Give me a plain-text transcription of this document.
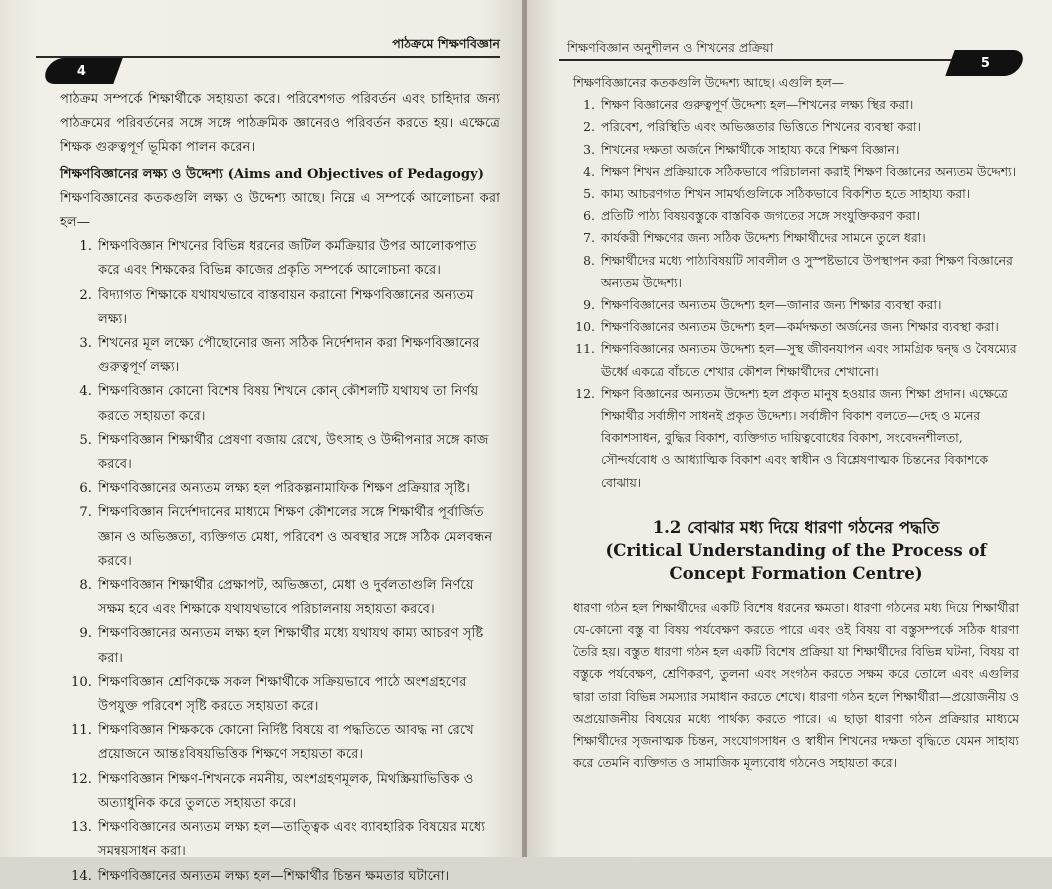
পাঠক্রমে শিক্ষণবিজ্ঞান
4

পাঠক্রম সম্পর্কে শিক্ষার্থীকে সহায়তা করে। পরিবেশগত পরিবর্তন এবং চাহিদার জন্য পাঠক্রমের পরিবর্তনের সঙ্গে সঙ্গে পাঠক্রমিক জ্ঞানেরও পরিবর্তন করতে হয়। এক্ষেত্রে শিক্ষক গুরুত্বপূর্ণ ভূমিকা পালন করেন।

শিক্ষণবিজ্ঞানের লক্ষ্য ও উদ্দেশ্য (Aims and Objectives of Pedagogy)

শিক্ষণবিজ্ঞানের কতকগুলি লক্ষ্য ও উদ্দেশ্য আছে। নিম্নে এ সম্পর্কে আলোচনা করা হল—

1. শিক্ষণবিজ্ঞান শিখনের বিভিন্ন ধরনের জটিল কর্মক্রিয়ার উপর আলোকপাত করে এবং শিক্ষকের বিভিন্ন কাজের প্রকৃতি সম্পর্কে আলোচনা করে।
2. বিদ্যাগত শিক্ষাকে যথাযথভাবে বাস্তবায়ন করানো শিক্ষণবিজ্ঞানের অন্যতম লক্ষ্য।
3. শিখনের মূল লক্ষ্যে পৌছোনোর জন্য সঠিক নির্দেশদান করা শিক্ষণবিজ্ঞানের গুরুত্বপূর্ণ লক্ষ্য।
4. শিক্ষণবিজ্ঞান কোনো বিশেষ বিষয় শিখনে কোন্ কৌশলটি যথাযথ তা নির্ণয় করতে সহায়তা করে।
5. শিক্ষণবিজ্ঞান শিক্ষার্থীর প্রেষণা বজায় রেখে, উৎসাহ ও উদ্দীপনার সঙ্গে কাজ করবে।
6. শিক্ষণবিজ্ঞানের অন্যতম লক্ষ্য হল পরিকল্পনামাফিক শিক্ষণ প্রক্রিয়ার সৃষ্টি।
7. শিক্ষণবিজ্ঞান নির্দেশদানের মাধ্যমে শিক্ষণ কৌশলের সঙ্গে শিক্ষার্থীর পূর্বার্জিত জ্ঞান ও অভিজ্ঞতা, ব্যক্তিগত মেধা, পরিবেশ ও অবস্থার সঙ্গে সঠিক মেলবন্ধন করবে।
8. শিক্ষণবিজ্ঞান শিক্ষার্থীর প্রেক্ষাপট, অভিজ্ঞতা, মেধা ও দুর্বলতাগুলি নির্ণয়ে সক্ষম হবে এবং শিক্ষাকে যথাযথভাবে পরিচালনায় সহায়তা করবে।
9. শিক্ষণবিজ্ঞানের অন্যতম লক্ষ্য হল শিক্ষার্থীর মধ্যে যথাযথ কাম্য আচরণ সৃষ্টি করা।
10. শিক্ষণবিজ্ঞান শ্রেণিকক্ষে সকল শিক্ষার্থীকে সক্রিয়ভাবে পাঠে অংশগ্রহণের উপযুক্ত পরিবেশ সৃষ্টি করতে সহায়তা করে।
11. শিক্ষণবিজ্ঞান শিক্ষককে কোনো নির্দিষ্ট বিষয়ে বা পদ্ধতিতে আবদ্ধ না রেখে প্রয়োজনে আন্তঃবিষয়ভিত্তিক শিক্ষণে সহায়তা করে।
12. শিক্ষণবিজ্ঞান শিক্ষণ-শিখনকে নমনীয়, অংশগ্রহণমূলক, মিথস্ক্রিয়াভিত্তিক ও অত্যাধুনিক করে তুলতে সহায়তা করে।
13. শিক্ষণবিজ্ঞানের অন্যতম লক্ষ্য হল—তাত্ত্বিক এবং ব্যাবহারিক বিষয়ের মধ্যে সমন্বয়সাধন করা।
14. শিক্ষণবিজ্ঞানের অন্যতম লক্ষ্য হল—শিক্ষার্থীর চিন্তন ক্ষমতার ঘটানো।
শিক্ষণবিজ্ঞান অনুশীলন ও শিখনের প্রক্রিয়া
5

শিক্ষণবিজ্ঞানের কতকগুলি উদ্দেশ্য আছে। এগুলি হল—

1. শিক্ষণ বিজ্ঞানের গুরুত্বপূর্ণ উদ্দেশ্য হল—শিখনের লক্ষ্য স্থির করা।
2. পরিবেশ, পরিস্থিতি এবং অভিজ্ঞতার ভিত্তিতে শিখনের ব্যবস্থা করা।
3. শিখনের দক্ষতা অর্জনে শিক্ষার্থীকে সাহায্য করে শিক্ষণ বিজ্ঞান।
4. শিক্ষণ শিখন প্রক্রিয়াকে সঠিকভাবে পরিচালনা করাই শিক্ষণ বিজ্ঞানের অন্যতম উদ্দেশ্য।
5. কাম্য আচরণগত শিখন সামর্থ্যগুলিকে সঠিকভাবে বিকশিত হতে সাহায্য করা।
6. প্রতিটি পাঠ্য বিষয়বস্তুকে বাস্তবিক জগতের সঙ্গে সংযুক্তিকরণ করা।
7. কার্যকরী শিক্ষণের জন্য সঠিক উদ্দেশ্য শিক্ষার্থীদের সামনে তুলে ধরা।
8. শিক্ষার্থীদের মধ্যে পাঠ্যবিষয়টি সাবলীল ও সুস্পষ্টভাবে উপস্থাপন করা শিক্ষণ বিজ্ঞানের অন্যতম উদ্দেশ্য।
9. শিক্ষণবিজ্ঞানের অন্যতম উদ্দেশ্য হল—জানার জন্য শিক্ষার ব্যবস্থা করা।
10. শিক্ষণবিজ্ঞানের অন্যতম উদ্দেশ্য হল—কর্মদক্ষতা অর্জনের জন্য শিক্ষার ব্যবস্থা করা।
11. শিক্ষণবিজ্ঞানের অন্যতম উদ্দেশ্য হল—সুস্থ জীবনযাপন এবং সামগ্রিক দ্বন্দ্ব ও বৈষম্যের ঊর্ধ্বে একত্রে বাঁচতে শেখার কৌশল শিক্ষার্থীদের শেখানো।
12. শিক্ষণ বিজ্ঞানের অন্যতম উদ্দেশ্য হল প্রকৃত মানুষ হওয়ার জন্য শিক্ষা প্রদান। এক্ষেত্রে শিক্ষার্থীর সর্বাঙ্গীণ সাধনই প্রকৃত উদ্দেশ্য। সর্বাঙ্গীণ বিকাশ বলতে—দেহ ও মনের বিকাশসাধন, বুদ্ধির বিকাশ, ব্যক্তিগত দায়িত্ববোধের বিকাশ, সংবেদনশীলতা, সৌন্দর্যবোধ ও আধ্যাত্মিক বিকাশ এবং স্বাধীন ও বিশ্লেষণাত্মক চিন্তনের বিকাশকে বোঝায়।
1.2 বোঝার মধ্য দিয়ে ধারণা গঠনের পদ্ধতি
(Critical Understanding of the Process of Concept Formation Centre)

ধারণা গঠন হল শিক্ষার্থীদের একটি বিশেষ ধরনের ক্ষমতা। ধারণা গঠনের মধ্য দিয়ে শিক্ষার্থীরা যে-কোনো বস্তু বা বিষয় পর্যবেক্ষণ করতে পারে এবং ওই বিষয় বা বস্তুসম্পর্কে সঠিক ধারণা তৈরি হয়। বস্তুত ধারণা গঠন হল একটি বিশেষ প্রক্রিয়া যা শিক্ষার্থীদের বিভিন্ন ঘটনা, বিষয় বা বস্তুকে পর্যবেক্ষণ, শ্রেণিকরণ, তুলনা এবং সংগঠন করতে সক্ষম করে তোলে এবং এগুলির দ্বারা তারা বিভিন্ন সমস্যার সমাধান করতে শেখে। ধারণা গঠন হলে শিক্ষার্থীরা—প্রয়োজনীয় ও অপ্রয়োজনীয় বিষয়ের মধ্যে পার্থক্য করতে পারে। এ ছাড়া ধারণা গঠন প্রক্রিয়ার মাধ্যমে শিক্ষার্থীদের সৃজনাত্মক চিন্তন, সংযোগসাধন ও স্বাধীন শিখনের দক্ষতা বৃদ্ধিতে যেমন সাহায্য করে তেমনি ব্যক্তিগত ও সামাজিক মূল্যবোধ গঠনেও সহায়তা করে।
